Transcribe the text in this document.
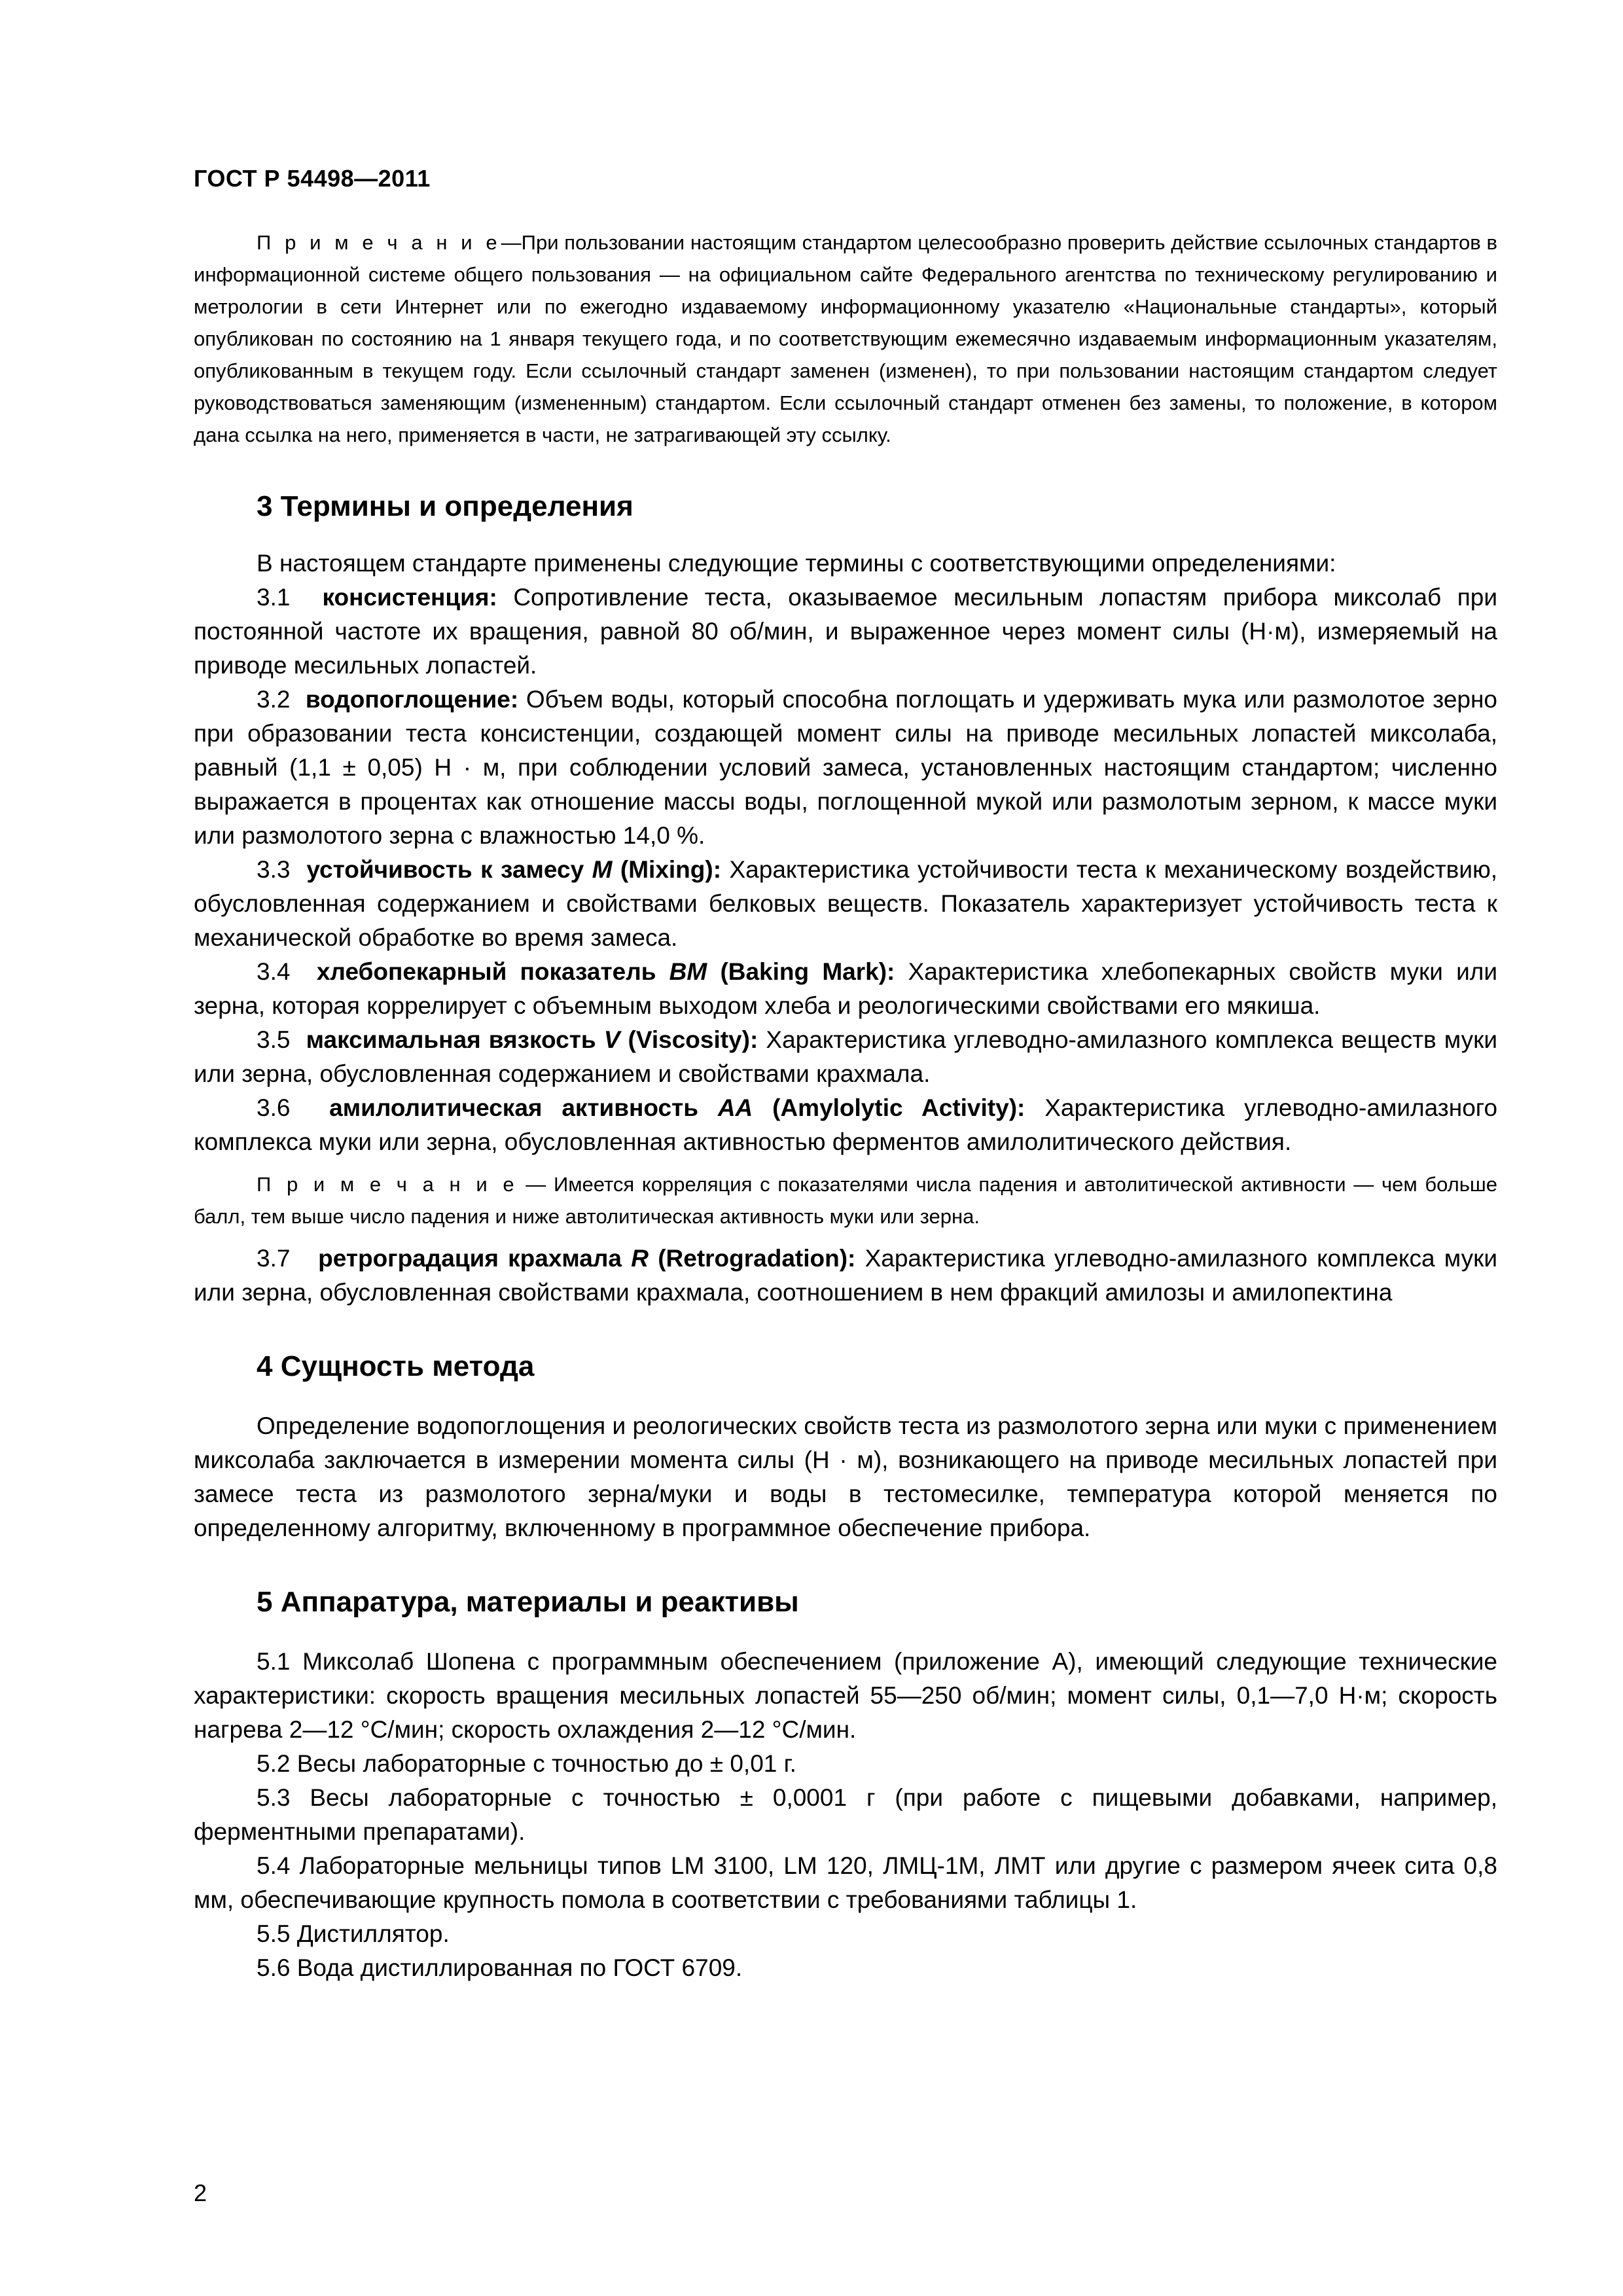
ГОСТ Р 54498—2011

П р и м е ч а н и е—При пользовании настоящим стандартом целесообразно проверить действие ссылочных стандартов в информационной системе общего пользования — на официальном сайте Федерального агентства по техническому регулированию и метрологии в сети Интернет или по ежегодно издаваемому информационному указателю «Национальные стандарты», который опубликован по состоянию на 1 января текущего года, и по соответствующим ежемесячно издаваемым информационным указателям, опубликованным в текущем году. Если ссылочный стандарт заменен (изменен), то при пользовании настоящим стандартом следует руководствоваться заменяющим (измененным) стандартом. Если ссылочный стандарт отменен без замены, то положение, в котором дана ссылка на него, применяется в части, не затрагивающей эту ссылку.

3 Термины и определения

В настоящем стандарте применены следующие термины с соответствующими определениями:

3.1 консистенция: Сопротивление теста, оказываемое месильным лопастям прибора миксолаб при постоянной частоте их вращения, равной 80 об/мин, и выраженное через момент силы (Н·м), измеряемый на приводе месильных лопастей.

3.2 водопоглощение: Объем воды, который способна поглощать и удерживать мука или размолотое зерно при образовании теста консистенции, создающей момент силы на приводе месильных лопастей миксолаба, равный (1,1 ± 0,05) Н · м, при соблюдении условий замеса, установленных настоящим стандартом; численно выражается в процентах как отношение массы воды, поглощенной мукой или размолотым зерном, к массе муки или размолотого зерна с влажностью 14,0 %.

3.3 устойчивость к замесу M (Mixing): Характеристика устойчивости теста к механическому воздействию, обусловленная содержанием и свойствами белковых веществ. Показатель характеризует устойчивость теста к механической обработке во время замеса.

3.4 хлебопекарный показатель BM (Baking Mark): Характеристика хлебопекарных свойств муки или зерна, которая коррелирует с объемным выходом хлеба и реологическими свойствами его мякиша.

3.5 максимальная вязкость V (Viscosity): Характеристика углеводно-амилазного комплекса веществ муки или зерна, обусловленная содержанием и свойствами крахмала.

3.6 амилолитическая активность AA (Amylolytic Activity): Характеристика углеводно-амилазного комплекса муки или зерна, обусловленная активностью ферментов амилолитического действия.

П р и м е ч а н и е — Имеется корреляция с показателями числа падения и автолитической активности — чем больше балл, тем выше число падения и ниже автолитическая активность муки или зерна.

3.7 ретроградация крахмала R (Retrogradation): Характеристика углеводно-амилазного комплекса муки или зерна, обусловленная свойствами крахмала, соотношением в нем фракций амилозы и амилопектина

4 Сущность метода

Определение водопоглощения и реологических свойств теста из размолотого зерна или муки с применением миксолаба заключается в измерении момента силы (Н · м), возникающего на приводе месильных лопастей при замесе теста из размолотого зерна/муки и воды в тестомесилке, температура которой меняется по определенному алгоритму, включенному в программное обеспечение прибора.

5 Аппаратура, материалы и реактивы

5.1 Миксолаб Шопена с программным обеспечением (приложение А), имеющий следующие технические характеристики: скорость вращения месильных лопастей 55—250 об/мин; момент силы, 0,1—7,0 Н·м; скорость нагрева 2—12 °С/мин; скорость охлаждения 2—12 °С/мин.

5.2 Весы лабораторные с точностью до ± 0,01 г.

5.3 Весы лабораторные с точностью ± 0,0001 г (при работе с пищевыми добавками, например, ферментными препаратами).

5.4 Лабораторные мельницы типов LM 3100, LM 120, ЛМЦ-1М, ЛМТ или другие с размером ячеек сита 0,8 мм, обеспечивающие крупность помола в соответствии с требованиями таблицы 1.

5.5 Дистиллятор.

5.6 Вода дистиллированная по ГОСТ 6709.

2
